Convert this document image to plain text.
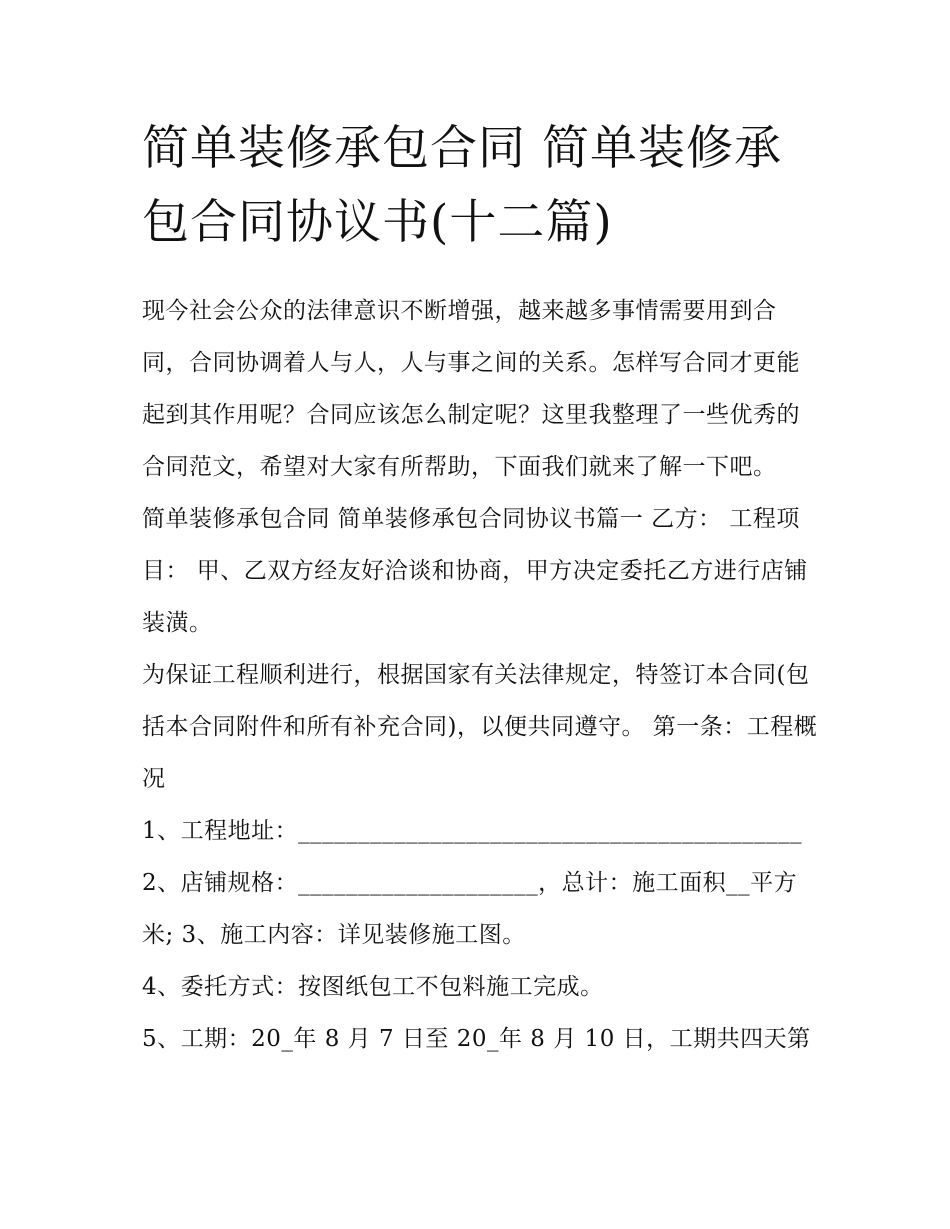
简单装修承包合同 简单装修承包合同协议书(十二篇)

现今社会公众的法律意识不断增强，越来越多事情需要用到合同，合同协调着人与人，人与事之间的关系。怎样写合同才更能起到其作用呢？合同应该怎么制定呢？这里我整理了一些优秀的合同范文，希望对大家有所帮助，下面我们就来了解一下吧。

简单装修承包合同 简单装修承包合同协议书篇一 乙方： 工程项目： 甲、乙双方经友好洽谈和协商，甲方决定委托乙方进行店铺装潢。

为保证工程顺利进行，根据国家有关法律规定，特签订本合同(包括本合同附件和所有补充合同)，以便共同遵守。 第一条：工程概况

1、工程地址：__________________________________________

2、店铺规格：____________________，总计：施工面积__平方米; 3、施工内容：详见装修施工图。

4、委托方式：按图纸包工不包料施工完成。

5、工期：20_年 8 月 7 日至 20_年 8 月 10 日，工期共四天第
